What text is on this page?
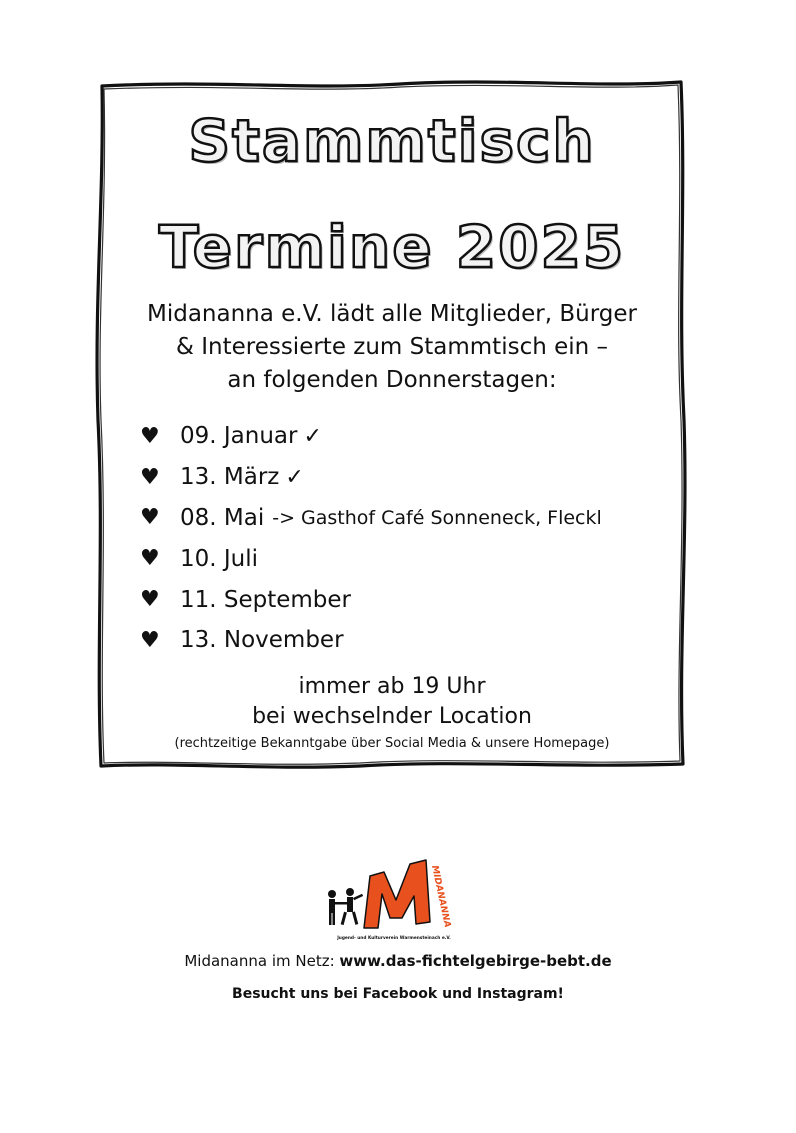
Stammtisch
Termine 2025
Midananna e.V. lädt alle Mitglieder, Bürger
& Interessierte zum Stammtisch ein –
an folgenden Donnerstagen:
♥ 09. Januar ✓
♥ 13. März ✓
♥ 08. Mai -> Gasthof Café Sonneneck, Fleckl
♥ 10. Juli
♥ 11. September
♥ 13. November
immer ab 19 Uhr
bei wechselnder Location
(rechtzeitige Bekanntgabe über Social Media & unsere Homepage)
MIDANANNA
Jugend- und Kulturverein Warmensteinach e.V.
Midananna im Netz: www.das-fichtelgebirge-bebt.de
Besucht uns bei Facebook und Instagram!
